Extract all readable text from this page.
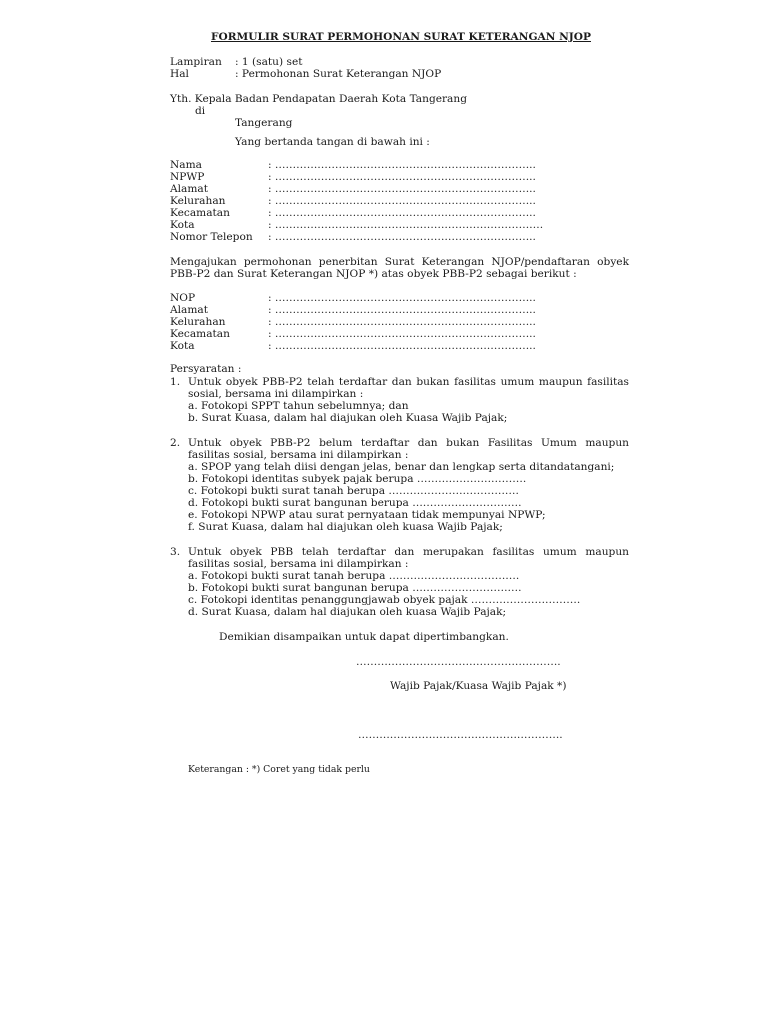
FORMULIR SURAT PERMOHONAN SURAT KETERANGAN NJOP
Lampiran : 1 (satu) set
Hal	: Permohonan Surat Keterangan NJOP
Yth. Kepala Badan Pendapatan Daerah Kota Tangerang
di
Tangerang
Yang bertanda tangan di bawah ini :
Nama	: ………………………………………………………………..
NPWP	: ………………………………………………………………..
Alamat	: ………………………………………………………………..
Kelurahan	: ………………………………………………………………..
Kecamatan	: ………………………………………………………………..
Kota	: ………………………………………………………………….
Nomor Telepon : ………………………………………………………………..
Mengajukan permohonan penerbitan Surat Keterangan NJOP/pendaftaran obyek
PBB-P2 dan Surat Keterangan NJOP *) atas obyek PBB-P2 sebagai berikut :
NOP	: ………………………………………………………………..
Alamat	: ………………………………………………………………..
Kelurahan	: ………………………………………………………………..
Kecamatan	: ………………………………………………………………..
Kota	: ………………………………………………………………..
Persyaratan :
1. Untuk obyek PBB-P2 telah terdaftar dan bukan fasilitas umum maupun fasilitas
sosial, bersama ini dilampirkan :
a. Fotokopi SPPT tahun sebelumnya; dan
b. Surat Kuasa, dalam hal diajukan oleh Kuasa Wajib Pajak;
2. Untuk obyek PBB-P2 belum terdaftar dan bukan Fasilitas Umum maupun
fasilitas sosial, bersama ini dilampirkan :
a. SPOP yang telah diisi dengan jelas, benar dan lengkap serta ditandatangani;
b. Fotokopi identitas subyek pajak berupa ………………………….
c. Fotokopi bukti surat tanah berupa ……………………………….
d. Fotokopi bukti surat bangunan berupa ………………………….
e. Fotokopi NPWP atau surat pernyataan tidak mempunyai NPWP;
f. Surat Kuasa, dalam hal diajukan oleh kuasa Wajib Pajak;
3. Untuk obyek PBB telah terdaftar dan merupakan fasilitas umum maupun
fasilitas sosial, bersama ini dilampirkan :
a. Fotokopi bukti surat tanah berupa ……………………………….
b. Fotokopi bukti surat bangunan berupa ………………………….
c. Fotokopi identitas penanggungjawab obyek pajak ………………………….
d. Surat Kuasa, dalam hal diajukan oleh kuasa Wajib Pajak;
Demikian disampaikan untuk dapat dipertimbangkan.
………………………………………………….
Wajib Pajak/Kuasa Wajib Pajak *)
………………………………………………….
Keterangan : *) Coret yang tidak perlu
